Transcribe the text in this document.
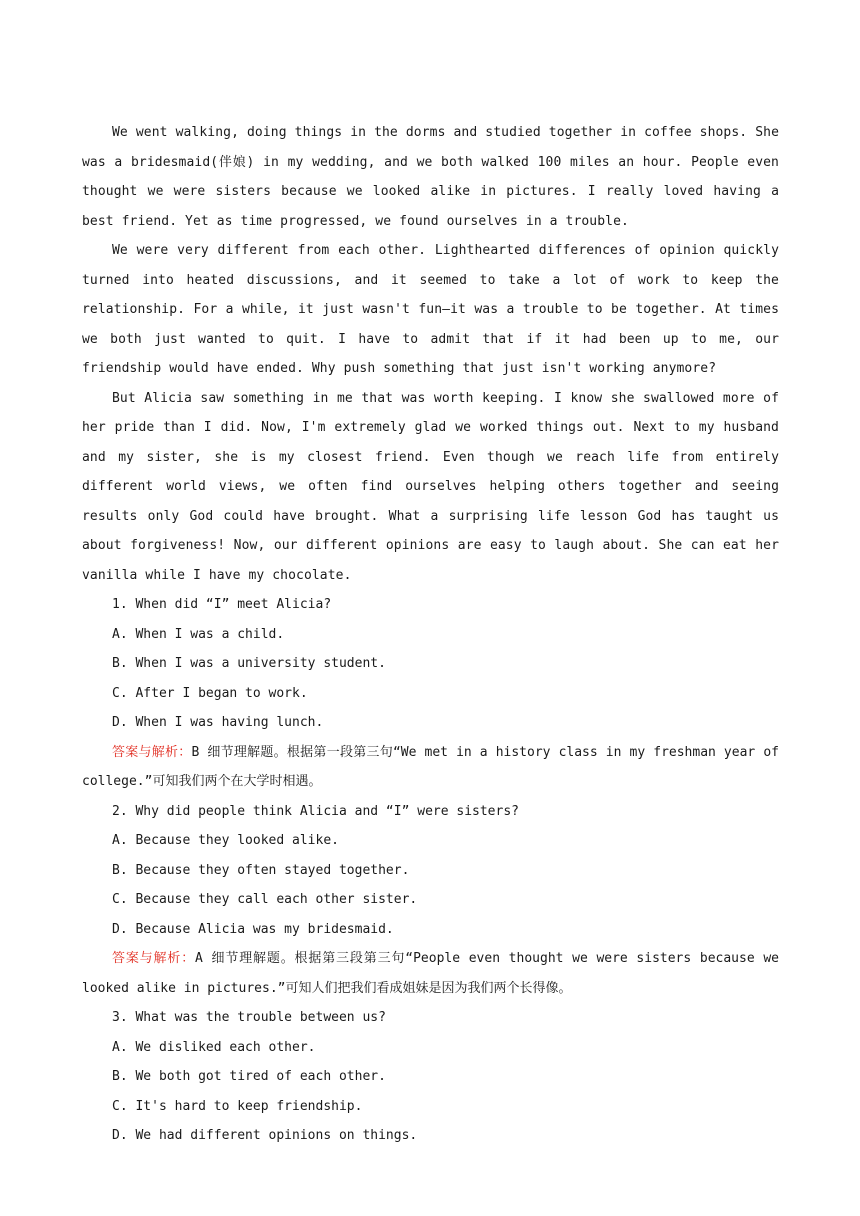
We went walking, doing things in the dorms and studied together in coffee shops. She was a bridesmaid(伴娘) in my wedding, and we both walked 100 miles an hour. People even thought we were sisters because we looked alike in pictures. I really loved having a best friend. Yet as time progressed, we found ourselves in a trouble.

We were very different from each other. Lighthearted differences of opinion quickly turned into heated discussions, and it seemed to take a lot of work to keep the relationship. For a while, it just wasn't fun—it was a trouble to be together. At times we both just wanted to quit. I have to admit that if it had been up to me, our friendship would have ended. Why push something that just isn't working anymore?

But Alicia saw something in me that was worth keeping. I know she swallowed more of her pride than I did. Now, I'm extremely glad we worked things out. Next to my husband and my sister, she is my closest friend. Even though we reach life from entirely different world views, we often find ourselves helping others together and seeing results only God could have brought. What a surprising life lesson God has taught us about forgiveness! Now, our different opinions are easy to laugh about. She can eat her vanilla while I have my chocolate.

1. When did “I” meet Alicia?

A. When I was a child.

B. When I was a university student.

C. After I began to work.

D. When I was having lunch.

答案与解析：B 细节理解题。根据第一段第三句“We met in a history class in my freshman year of college.”可知我们两个在大学时相遇。

2. Why did people think Alicia and “I” were sisters?

A. Because they looked alike.

B. Because they often stayed together.

C. Because they call each other sister.

D. Because Alicia was my bridesmaid.

答案与解析：A 细节理解题。根据第三段第三句“People even thought we were sisters because we looked alike in pictures.”可知人们把我们看成姐妹是因为我们两个长得像。

3. What was the trouble between us?

A. We disliked each other.

B. We both got tired of each other.

C. It's hard to keep friendship.

D. We had different opinions on things.
